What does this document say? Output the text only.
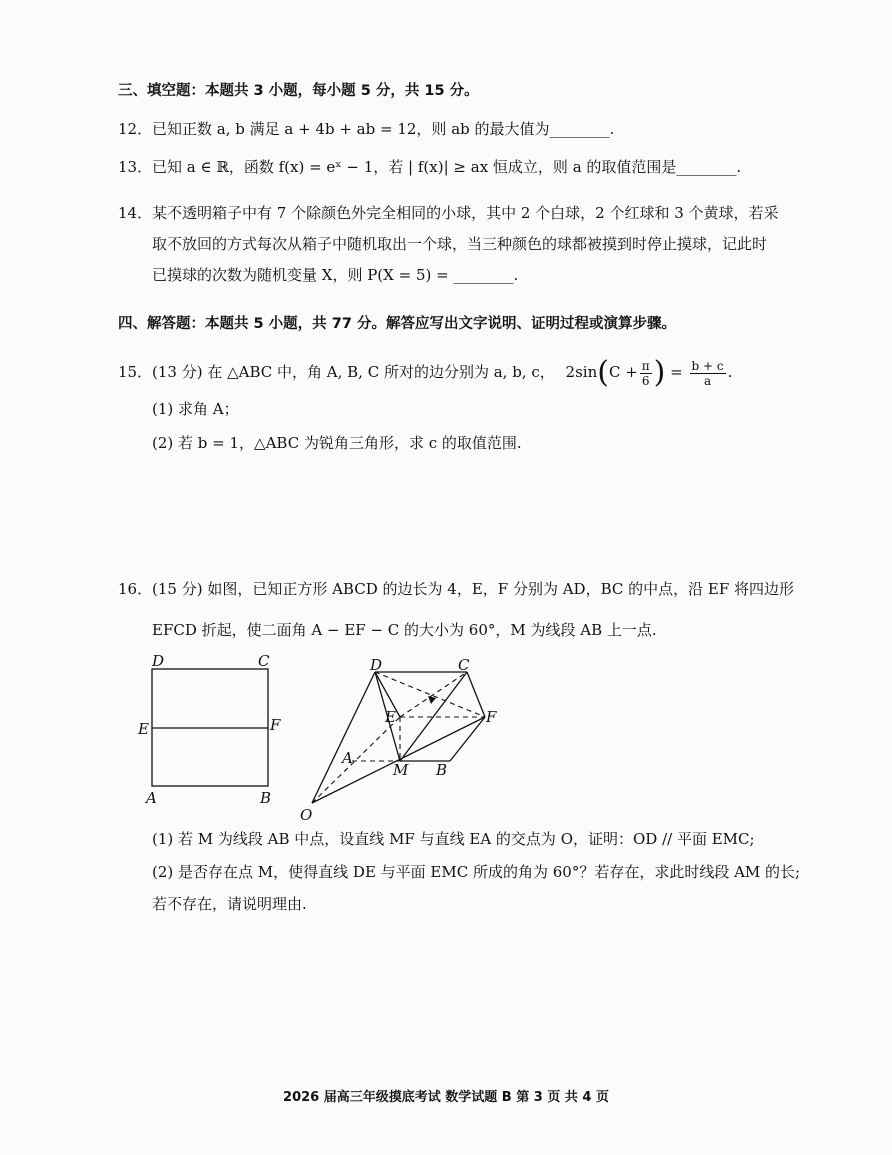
三、填空题：本题共 3 小题，每小题 5 分，共 15 分。
12．已知正数 a, b 满足 a + 4b + ab = 12，则 ab 的最大值为________.
13．已知 a ∈ ℝ，函数 f(x) = eˣ − 1，若 | f(x)| ≥ ax 恒成立，则 a 的取值范围是________.
14．某不透明箱子中有 7 个除颜色外完全相同的小球，其中 2 个白球，2 个红球和 3 个黄球，若采
取不放回的方式每次从箱子中随机取出一个球，当三种颜色的球都被摸到时停止摸球，记此时
已摸球的次数为随机变量 X，则 P(X = 5) = ________.
四、解答题：本题共 5 小题，共 77 分。解答应写出文字说明、证明过程或演算步骤。
15．(13 分) 在 △ABC 中，角 A, B, C 所对的边分别为 a, b, c， $2\sin(C + \frac{\pi}{6}$ ) = $\frac{b + c}{a}$ .
(1) 求角 A；
(2) 若 b = 1，△ABC 为锐角三角形，求 c 的取值范围.
16．(15 分) 如图，已知正方形 ABCD 的边长为 4，E，F 分别为 AD，BC 的中点，沿 EF 将四边形
EFCD 折起，使二面角 A − EF − C 的大小为 60°，M 为线段 AB 上一点.
D	C
E	F
A	B
D	C
E	F
A
M B
O
(1) 若 M 为线段 AB 中点，设直线 MF 与直线 EA 的交点为 O，证明：OD // 平面 EMC;
(2) 是否存在点 M，使得直线 DE 与平面 EMC 所成的角为 60°？若存在，求此时线段 AM 的长;
若不存在，请说明理由.
2026 届高三年级摸底考试 数学试题 B 第 3 页 共 4 页
